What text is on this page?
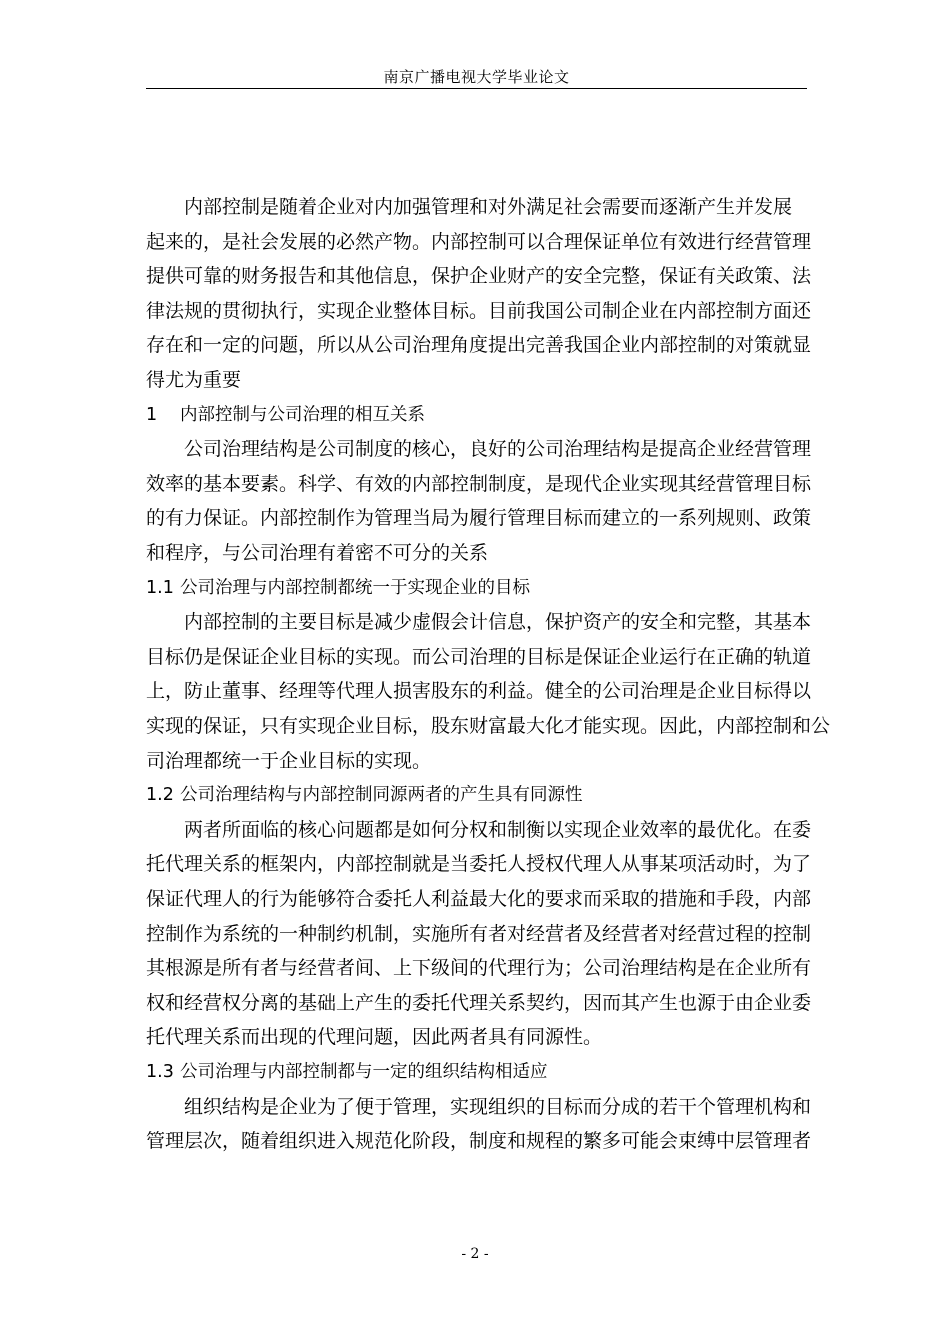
南京广播电视大学毕业论文
内部控制是随着企业对内加强管理和对外满足社会需要而逐渐产生并发展
起来的，是社会发展的必然产物。内部控制可以合理保证单位有效进行经营管理
提供可靠的财务报告和其他信息，保护企业财产的安全完整，保证有关政策、法
律法规的贯彻执行，实现企业整体目标。目前我国公司制企业在内部控制方面还
存在和一定的问题，所以从公司治理角度提出完善我国企业内部控制的对策就显
得尤为重要
1 内部控制与公司治理的相互关系
公司治理结构是公司制度的核心，良好的公司治理结构是提高企业经营管理
效率的基本要素。科学、有效的内部控制制度，是现代企业实现其经营管理目标
的有力保证。内部控制作为管理当局为履行管理目标而建立的一系列规则、政策
和程序，与公司治理有着密不可分的关系
1.1 公司治理与内部控制都统一于实现企业的目标
内部控制的主要目标是减少虚假会计信息，保护资产的安全和完整，其基本
目标仍是保证企业目标的实现。而公司治理的目标是保证企业运行在正确的轨道
上，防止董事、经理等代理人损害股东的利益。健全的公司治理是企业目标得以
实现的保证，只有实现企业目标，股东财富最大化才能实现。因此，内部控制和公
司治理都统一于企业目标的实现。
1.2 公司治理结构与内部控制同源两者的产生具有同源性
两者所面临的核心问题都是如何分权和制衡以实现企业效率的最优化。在委
托代理关系的框架内，内部控制就是当委托人授权代理人从事某项活动时，为了
保证代理人的行为能够符合委托人利益最大化的要求而采取的措施和手段，内部
控制作为系统的一种制约机制，实施所有者对经营者及经营者对经营过程的控制
其根源是所有者与经营者间、上下级间的代理行为；公司治理结构是在企业所有
权和经营权分离的基础上产生的委托代理关系契约，因而其产生也源于由企业委
托代理关系而出现的代理问题，因此两者具有同源性。
1.3 公司治理与内部控制都与一定的组织结构相适应
组织结构是企业为了便于管理，实现组织的目标而分成的若干个管理机构和
管理层次，随着组织进入规范化阶段，制度和规程的繁多可能会束缚中层管理者
- 2 -
